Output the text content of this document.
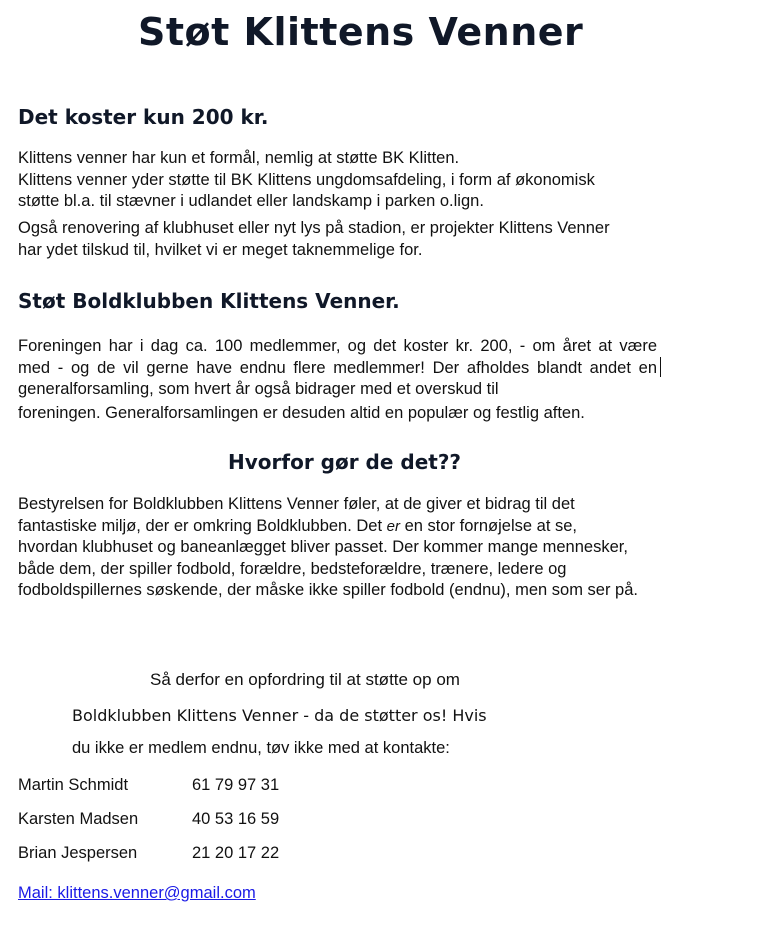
Støt Klittens Venner
Det koster kun 200 kr.

Klittens venner har kun et formål, nemlig at støtte BK Klitten.
Klittens venner yder støtte til BK Klittens ungdomsafdeling, i form af økonomisk
støtte bl.a. til stævner i udlandet eller landskamp i parken o.lign.

Også renovering af klubhuset eller nyt lys på stadion, er projekter Klittens Venner
har ydet tilskud til, hvilket vi er meget taknemmelige for.

Støt Boldklubben Klittens Venner.

Foreningen har i dag ca. 100 medlemmer, og det koster kr. 200, - om året at være
med - og de vil gerne have endnu flere medlemmer! Der afholdes blandt andet en
generalforsamling, som hvert år også bidrager med et overskud til
foreningen. Generalforsamlingen er desuden altid en populær og festlig aften.

Hvorfor gør de det??

Bestyrelsen for Boldklubben Klittens Venner føler, at de giver et bidrag til det
fantastiske miljø, der er omkring Boldklubben. Det er en stor fornøjelse at se,
hvordan klubhuset og baneanlægget bliver passet. Der kommer mange mennesker,
både dem, der spiller fodbold, forældre, bedsteforældre, trænere, ledere og
fodboldspillernes søskende, der måske ikke spiller fodbold (endnu), men som ser på.

Så derfor en opfordring til at støtte op om

Boldklubben Klittens Venner - da de støtter os! Hvis

du ikke er medlem endnu, tøv ikke med at kontakte:

Martin Schmidt	61 79 97 31
Karsten Madsen	40 53 16 59
Brian Jespersen	21 20 17 22
Mail: klittens.venner@gmail.com
